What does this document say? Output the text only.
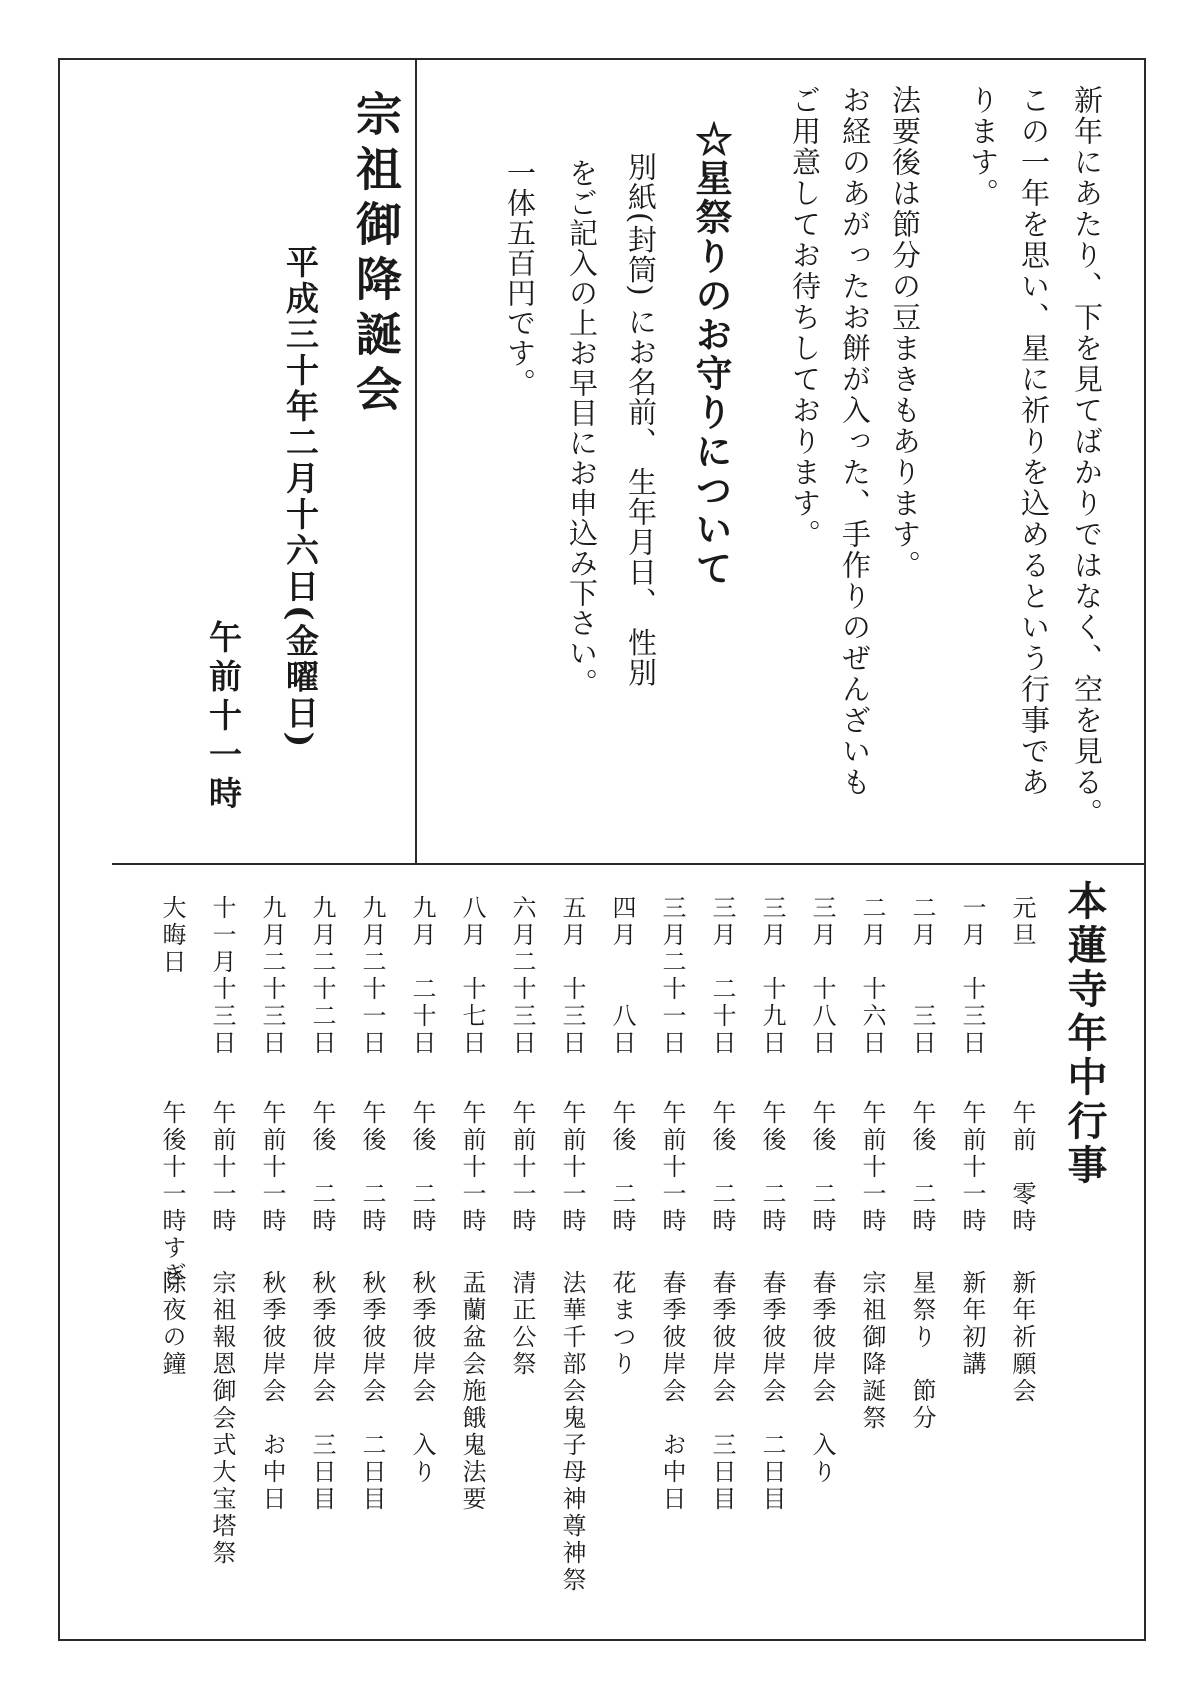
新年にあたり、下を見てばかりではなく、空を見る。

この一年を思い、星に祈りを込めるという行事であ

ります。

法要後は節分の豆まきもあります。

お経のあがったお餅が入った、手作りのぜんざいも

ご用意してお待ちしております。

☆星祭りのお守りについて

別紙(封筒) にお名前、 生年月日、 性別

をご記入の上お早目にお申込み下さい。

一体五百円です。

宗祖御降誕会

平成三十年二月十六日(金曜日)

午前十一時

本蓮寺年中行事
元旦
午前　零時
新年祈願会
一月　十三日
午前十一時
新年初講
二月　　三日
午後　二時
星祭り　節分
二月　十六日
午前十一時
宗祖御降誕祭
三月　十八日
午後　二時
春季彼岸会　入り
三月　十九日
午後　二時
春季彼岸会　二日目
三月　二十日
午後　二時
春季彼岸会　三日目
三月二十一日
午前十一時
春季彼岸会　お中日
四月　　八日
午後　二時
花まつり
五月　十三日
午前十一時
法華千部会鬼子母神尊神祭
六月二十三日
午前十一時
清正公祭
八月　十七日
午前十一時
盂蘭盆会施餓鬼法要
九月　二十日
午後　二時
秋季彼岸会　入り
九月二十一日
午後　二時
秋季彼岸会　二日目
九月二十二日
午後　二時
秋季彼岸会　三日目
九月二十三日
午前十一時
秋季彼岸会　お中日
十一月十三日
午前十一時
宗祖報恩御会式大宝塔祭
大晦日
午後十一時すぎ
除夜の鐘
